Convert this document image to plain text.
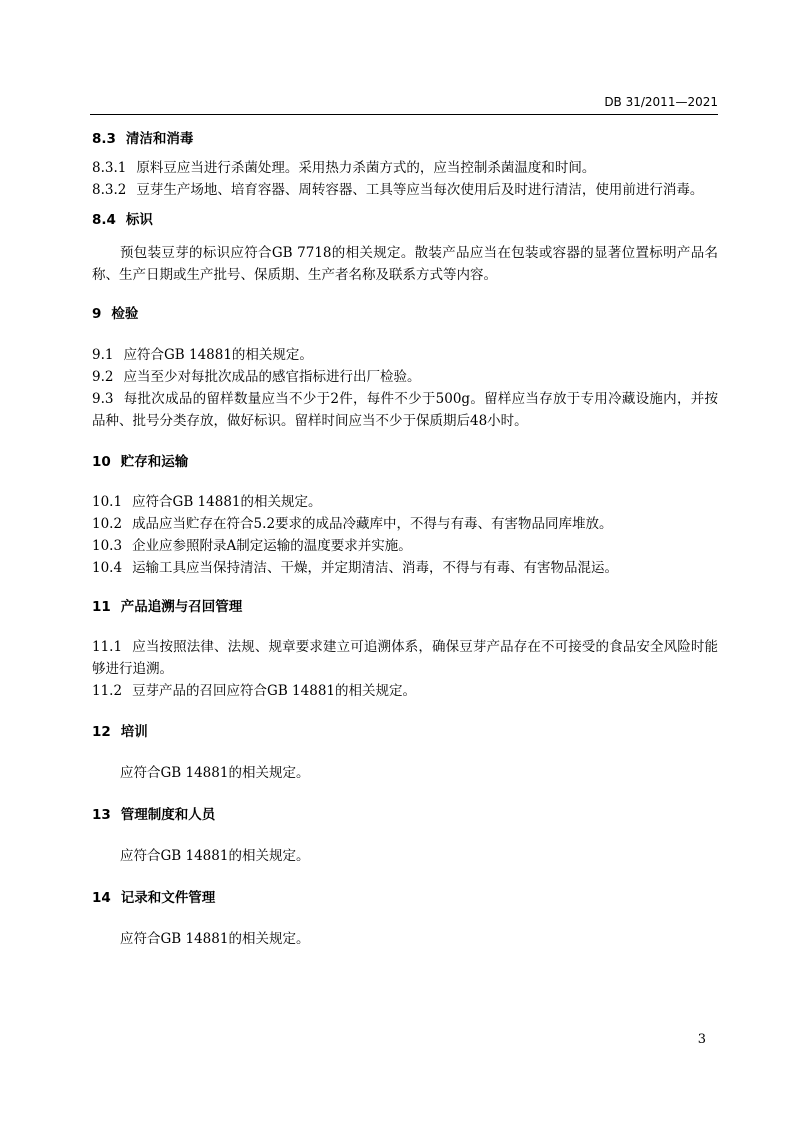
DB 31/2011—2021
8.3 清洁和消毒
8.3.1 原料豆应当进行杀菌处理。采用热力杀菌方式的，应当控制杀菌温度和时间。
8.3.2 豆芽生产场地、培育容器、周转容器、工具等应当每次使用后及时进行清洁，使用前进行消毒。
8.4 标识
预包装豆芽的标识应符合GB 7718的相关规定。散装产品应当在包装或容器的显著位置标明产品名称、生产日期或生产批号、保质期、生产者名称及联系方式等内容。
9 检验
9.1 应符合GB 14881的相关规定。
9.2 应当至少对每批次成品的感官指标进行出厂检验。
9.3 每批次成品的留样数量应当不少于2件，每件不少于500g。留样应当存放于专用冷藏设施内，并按品种、批号分类存放，做好标识。留样时间应当不少于保质期后48小时。
10 贮存和运输
10.1 应符合GB 14881的相关规定。
10.2 成品应当贮存在符合5.2要求的成品冷藏库中，不得与有毒、有害物品同库堆放。
10.3 企业应参照附录A制定运输的温度要求并实施。
10.4 运输工具应当保持清洁、干燥，并定期清洁、消毒，不得与有毒、有害物品混运。
11 产品追溯与召回管理
11.1 应当按照法律、法规、规章要求建立可追溯体系，确保豆芽产品存在不可接受的食品安全风险时能够进行追溯。
11.2 豆芽产品的召回应符合GB 14881的相关规定。
12 培训
应符合GB 14881的相关规定。
13 管理制度和人员
应符合GB 14881的相关规定。
14 记录和文件管理
应符合GB 14881的相关规定。
3
